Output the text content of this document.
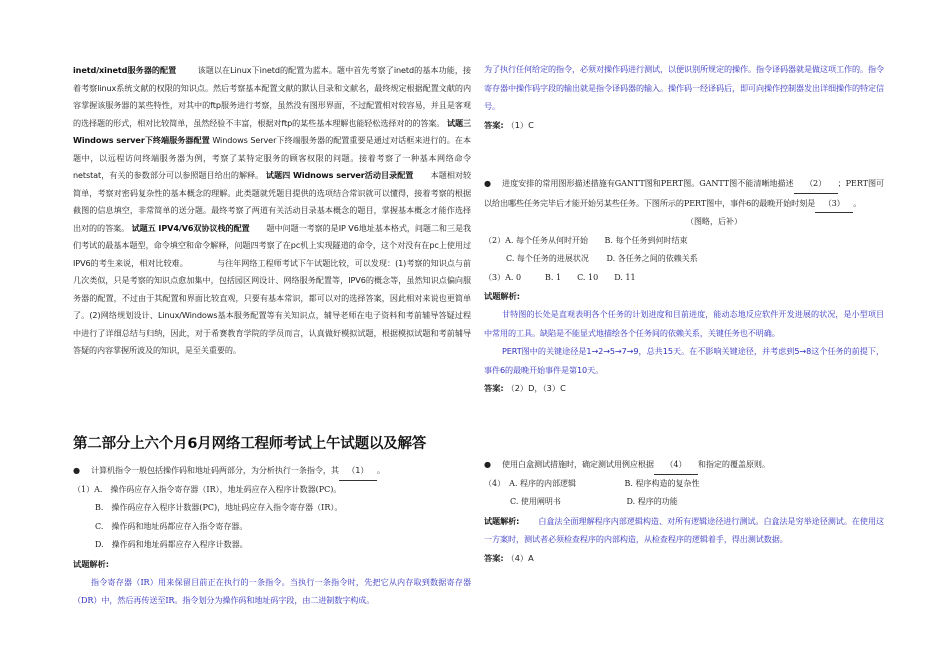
inetd/xinetd服务器的配置	该题以在Linux下inetd的配置为蓝本。题中首先考察了inetd的基本功能，接着考察linux系统文献的权限的知识点。然后考察基本配置文献的默认目录和文献名，最终规定根据配置文献的内容掌握该服务器的某些特性，对其中的ftp服务进行考察，虽然没有图形界面，不过配置相对较容易，并且是客观的选择题的形式，相对比较简单，虽然经验不丰富，根据对ftp的某些基本理解也能轻松选择对的的答案。 试题三 Windows server下终端服务器配置 Windows Server下终端服务器的配置重要是通过对话框来进行的。在本题中，以远程访问终端服务器为例，考察了某特定服务的顾客权限的问题。接着考察了一种基本网络命令netstat，有关的参数部分可以参照题目给出的解释。 试题四 Widnows server活动目录配置 本题相对较简单，考察对密码复杂性的基本概念的理解。此类题就凭题目提供的选项结合常识就可以懂得，接着考察的根据截图的信息填空，非常简单的送分题。最终考察了两道有关活动目录基本概念的题目，掌握基本概念才能作选择出对的的答案。 试题五 IPV4/V6双协议栈的配置 题中问题一考察的是IP V6地址基本格式，问题二和三是我们考试的最基本题型，命令填空和命令解释，问题四考察了在pc机上实现隧道的命令，这个对没有在pc上使用过IPV6的考生来说，相对比较难。	与往年网络工程师考试下午试题比较，可以发现：(1)考察的知识点与前几次类似，只是考察的知识点愈加集中，包括园区网设计、网络服务配置等，IPV6的概念等，虽然知识点偏向服务器的配置，不过由于其配置和界面比较直观，只要有基本常识，都可以对的选择答案，因此相对来说也更简单了。(2)网络规划设计、Linux/Windows基本服务配置等有关知识点，辅导老师在电子资料和考前辅导答疑过程中进行了详细总结与归纳，因此，对于希赛教育学院的学员而言，认真做好模拟试题，根据模拟试题和考前辅导答疑的内容掌握所波及的知识，是至关重要的。

第二部分上六个月6月网络工程师考试上午试题以及解答

● 计算机指令一般包括操作码和地址码两部分，为分析执行一条指令，其 （1） 。

（1）A.　操作码应存入指令寄存器（IR），地址码应存入程序计数器(PC)。

B.　操作码应存入程序计数器(PC)，地址码应存入指令寄存器（IR）。

C.　操作码和地址码都应存入指令寄存器。

D.　操作码和地址码都应存入程序计数器。

试题解析:

指令寄存器（IR）用来保留目前正在执行的一条指令。当执行一条指令时，先把它从内存取到数据寄存器（DR）中，然后再传送至IR。指令划分为操作码和地址码字段，由二进制数字构成。

为了执行任何给定的指令，必须对操作码进行测试，以便识别所规定的操作。指令译码器就是做这项工作的。指令寄存器中操作码字段的输出就是指令译码器的输入。操作码一经译码后，即可向操作控制器发出详细操作的特定信号。

答案: （1）C

● 进度安排的常用图形描述措施有GANTT图和PERT图。GANTT图不能清晰地描述 （2） ；PERT图可以给出哪些任务完毕后才能开始另某些任务。下图所示的PERT图中，事件6的最晚开始时刻是 （3） 。

（图略，后补）

（2）A. 每个任务从何时开始 B. 每个任务到何时结束

C. 每个任务的进展状况 D. 各任务之间的依赖关系

（3）A. 0　　　B. 1　　C. 10　　D. 11

试题解析:

甘特图的长处是直观表明各个任务的计划进度和目前进度，能动态地反应软件开发进展的状况，是小型项目中常用的工具。缺陷是不能显式地描绘各个任务间的依赖关系，关键任务也不明确。

PERT图中的关键途径是1→2→5→7→9，总共15天。在不影响关键途径，并考虑到5→8这个任务的前提下，事件6的最晚开始事件是第10天。

答案: （2）D，（3）C

● 使用白盒测试措施时，确定测试用例应根据 （4） 和指定的覆盖原则。

（4）　A. 程序的内部逻辑	B. 程序构造的复杂性

C. 使用阐明书	D. 程序的功能

试题解析: 白盒法全面理解程序内部逻辑构造、对所有逻辑途径进行测试。白盒法是穷举途径测试。在使用这一方案时，测试者必须检查程序的内部构造，从检查程序的逻辑着手，得出测试数据。

答案: （4）A
